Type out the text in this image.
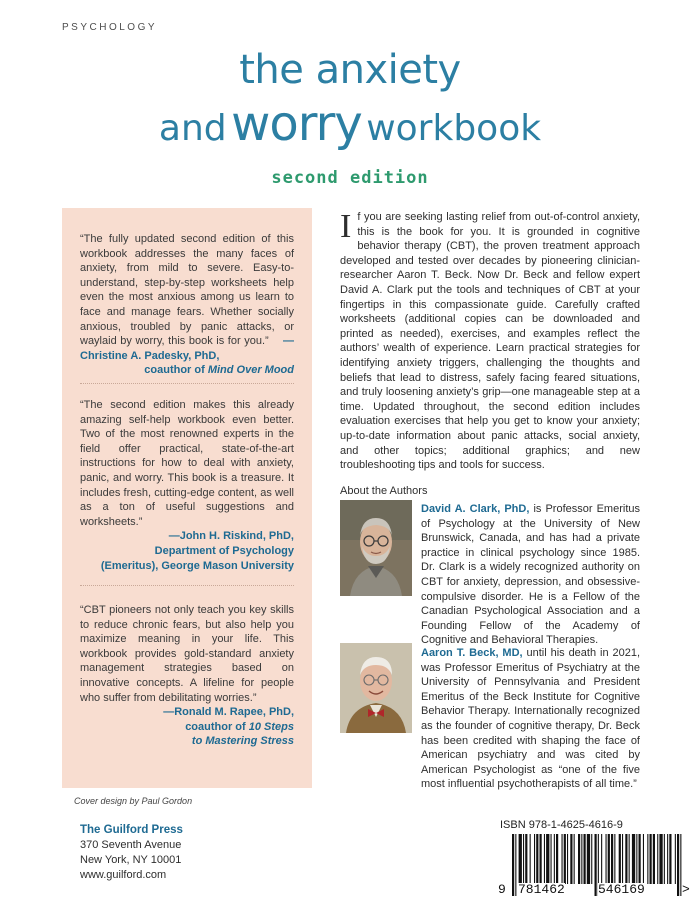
PSYCHOLOGY
the anxiety
and worry workbook
second edition
“The fully updated second edition of this workbook addresses the many faces of anxiety, from mild to severe. Easy-to-understand, step-by-step worksheets help even the most anxious among us learn to face and manage fears. Whether socially anxious, troubled by panic attacks, or waylaid by worry, this book is for you.” —Christine A. Padesky, PhD,
coauthor of Mind Over Mood
“The second edition makes this already amazing self-help workbook even better. Two of the most renowned experts in the field offer practical, state-of-the-art instructions for how to deal with anxiety, panic, and worry. This book is a treasure. It includes fresh, cutting-edge content, as well as a ton of useful suggestions and worksheets.”
—John H. Riskind, PhD,
Department of Psychology
(Emeritus), George Mason University
“CBT pioneers not only teach you key skills to reduce chronic fears, but also help you maximize meaning in your life. This workbook provides gold-standard anxiety management strategies based on innovative concepts. A lifeline for people who suffer from debilitating worries.”
—Ronald M. Rapee, PhD,
coauthor of 10 Steps
to Mastering Stress
If you are seeking lasting relief from out-of-control anxiety, this is the book for you. It is grounded in cognitive behavior therapy (CBT), the proven treatment approach developed and tested over decades by pioneering clinician-researcher Aaron T. Beck. Now Dr. Beck and fellow expert David A. Clark put the tools and techniques of CBT at your fingertips in this compassionate guide. Carefully crafted worksheets (additional copies can be downloaded and printed as needed), exercises, and examples reflect the authors’ wealth of experience. Learn practical strategies for identifying anxiety triggers, challenging the thoughts and beliefs that lead to distress, safely facing feared situations, and truly loosening anxiety’s grip—one manageable step at a time. Updated throughout, the second edition includes evaluation exercises that help you get to know your anxiety; up-to-date information about panic attacks, social anxiety, and other topics; additional graphics; and new troubleshooting tips and tools for success.
About the Authors
David A. Clark, PhD, is Professor Emeritus of Psychology at the University of New Brunswick, Canada, and has had a private practice in clinical psychology since 1985. Dr. Clark is a widely recognized authority on CBT for anxiety, depression, and obsessive-compulsive disorder. He is a Fellow of the Canadian Psychological Association and a Founding Fellow of the Academy of Cognitive and Behavioral Therapies.
Aaron T. Beck, MD, until his death in 2021, was Professor Emeritus of Psychiatry at the University of Pennsylvania and President Emeritus of the Beck Institute for Cognitive Behavior Therapy. Internationally recognized as the founder of cognitive therapy, Dr. Beck has been credited with shaping the face of American psychiatry and was cited by American Psychologist as “one of the five most influential psychotherapists of all time.”
Cover design by Paul Gordon
The Guilford Press
370 Seventh Avenue
New York, NY 10001
www.guilford.com
ISBN 978-1-4625-4616-9
9 781462	546169	>
